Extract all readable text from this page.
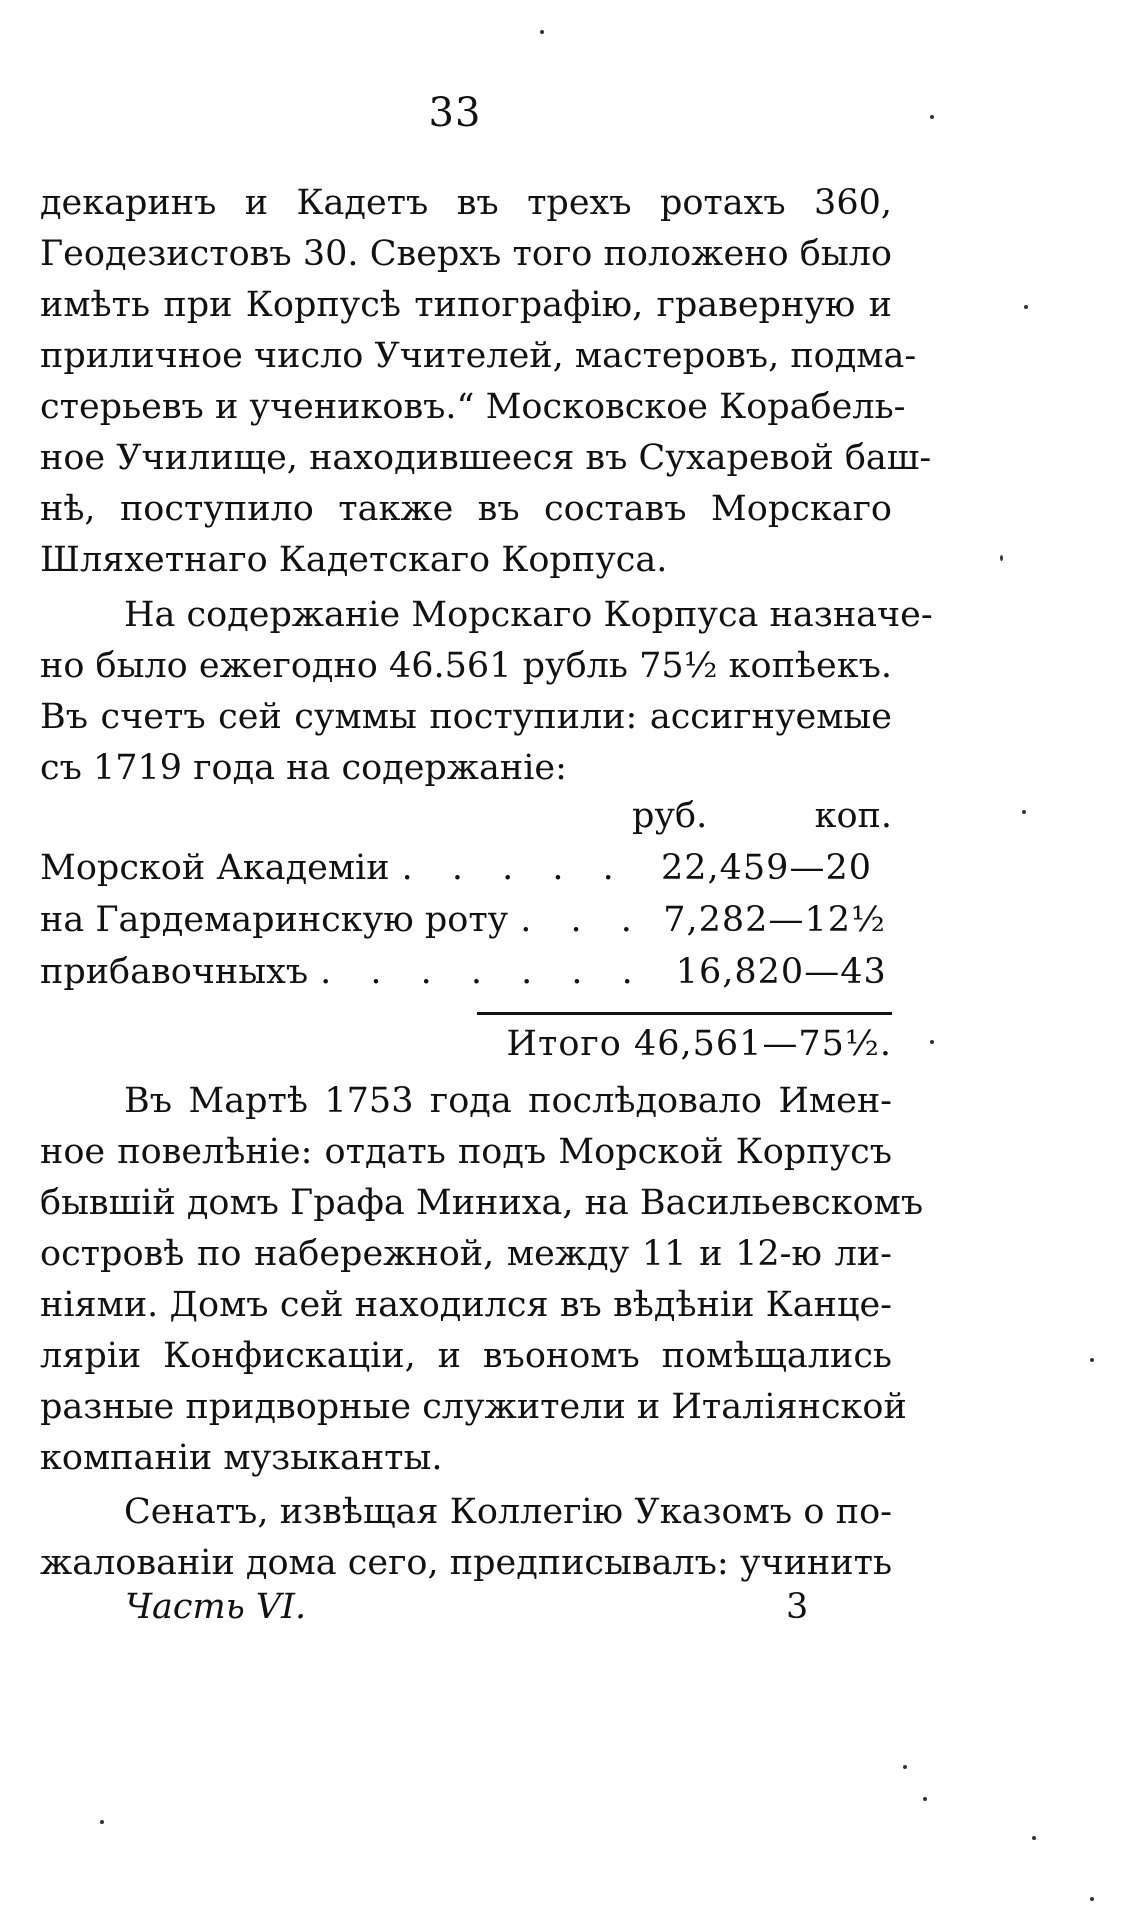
33
декаринъ и Кадетъ въ трехъ ротахъ 360,
Геодезистовъ 30. Сверхъ того положено было
имѣть при Корпусѣ типографію, граверную и
приличное число Учителей, мастеровъ, подма-
стерьевъ и учениковъ.“ Московское Корабель-
ное Училище, находившееся въ Сухаревой баш-
нѣ, поступило также въ составъ Морскаго
Шляхетнаго Кадетскаго Корпуса.
На содержаніе Морскаго Корпуса назначе-
но было ежегодно 46.561 рубль 75½ копѣекъ.
Въ счетъ сей суммы поступили: ассигнуемые
съ 1719 года на содержаніе:
руб.	коп.
Морской Академіи . . . . . 22,459—20
на Гардемаринскую роту . . . 7,282—12½
прибавочныхъ . . . . . . . 16,820—43
Итого 46,561—75½.
Въ Мартѣ 1753 года послѣдовало Имен-
ное повелѣніе: отдать подъ Морской Корпусъ
бывшій домъ Графа Миниха, на Васильевскомъ
островѣ по набережной, между 11 и 12-ю ли-
ніями. Домъ сей находился въ вѣдѣніи Канце-
ляріи Конфискаціи, и въономъ помѣщались
разные придворные служители и Италіянской
компаніи музыканты.
Сенатъ, извѣщая Коллегію Указомъ о по-
жалованіи дома сего, предписывалъ: учинить
Часть VI.	3
